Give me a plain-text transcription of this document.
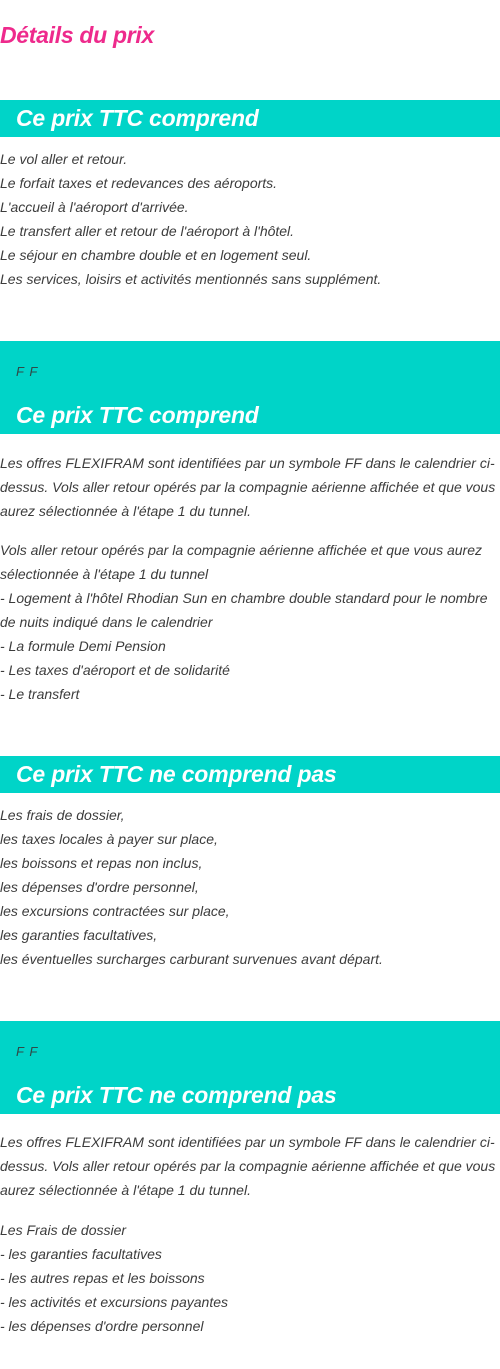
Détails du prix
Ce prix TTC comprend
Le vol aller et retour.
Le forfait taxes et redevances des aéroports.
L'accueil à l'aéroport d'arrivée.
Le transfert aller et retour de l'aéroport à l'hôtel.
Le séjour en chambre double et en logement seul.
Les services, loisirs et activités mentionnés sans supplément.
F F
Ce prix TTC comprend

Les offres FLEXIFRAM sont identifiées par un symbole FF dans le calendrier ci-dessus. Vols aller retour opérés par la compagnie aérienne affichée et que vous aurez sélectionnée à l'étape 1 du tunnel.

Vols aller retour opérés par la compagnie aérienne affichée et que vous aurez sélectionnée à l'étape 1 du tunnel
- Logement à l'hôtel Rhodian Sun en chambre double standard pour le nombre de nuits indiqué dans le calendrier
- La formule Demi Pension
- Les taxes d'aéroport et de solidarité
- Le transfert
Ce prix TTC ne comprend pas
Les frais de dossier,
les taxes locales à payer sur place,
les boissons et repas non inclus,
les dépenses d'ordre personnel,
les excursions contractées sur place,
les garanties facultatives,
les éventuelles surcharges carburant survenues avant départ.
F F
Ce prix TTC ne comprend pas

Les offres FLEXIFRAM sont identifiées par un symbole FF dans le calendrier ci-dessus. Vols aller retour opérés par la compagnie aérienne affichée et que vous aurez sélectionnée à l'étape 1 du tunnel.

Les Frais de dossier
- les garanties facultatives
- les autres repas et les boissons
- les activités et excursions payantes
- les dépenses d'ordre personnel
